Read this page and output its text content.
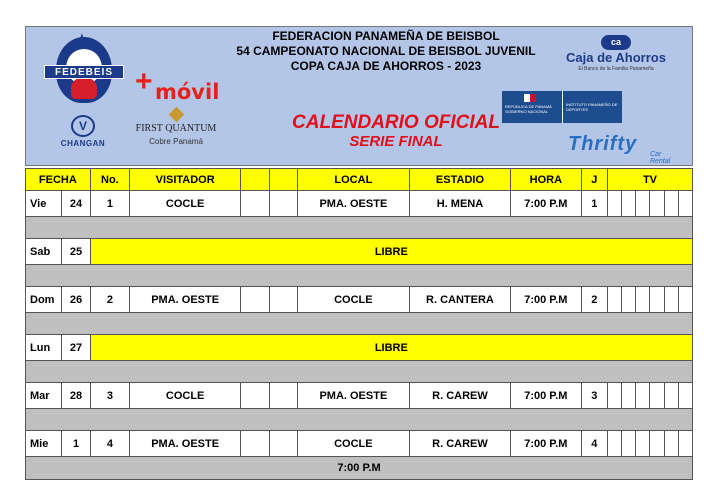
★
FEDEBEIS + móvil
V
CHANGAN
FIRST QUANTUM
Cobre Panamá
FEDERACION PANAMEÑA DE BEISBOL
54 CAMPEONATO NACIONAL DE BEISBOL JUVENIL
COPA CAJA DE AHORROS - 2023
CALENDARIO OFICIAL
SERIE FINAL
ca
Caja de Ahorros
El Banco de la Familia Panameña
REPÚBLICA DE PANAMÁ
GOBIERNO NACIONAL
INSTITUTO PANAMEÑO DE DEPORTES
Thrifty Car Rental
FECHA		No.	VISITADOR			LOCAL	ESTADIO	HORA	J	TV					
Vie	24	1	COCLE			PMA. OESTE	H. MENA	7:00 P.M	1						

Sab	25	LIBRE													

Dom	26	2	PMA. OESTE			COCLE	R. CANTERA	7:00 P.M	2						

Lun	27	LIBRE													

Mar	28	3	COCLE			PMA. OESTE	R. CAREW	7:00 P.M	3						

Mie	1	4	PMA. OESTE			COCLE	R. CAREW	7:00 P.M	4						
7:00 P.M															
